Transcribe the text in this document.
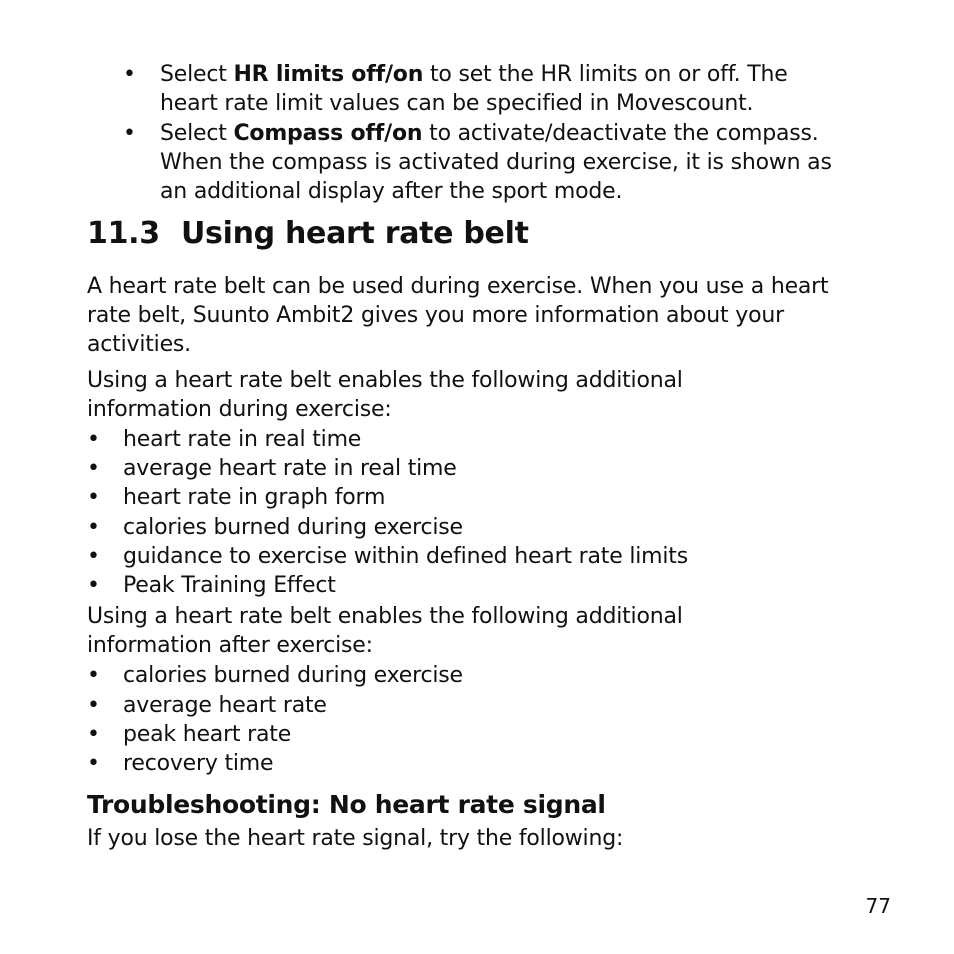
• Select HR limits off/on to set the HR limits on or off. The
heart rate limit values can be specified in Movescount.
• Select Compass off/on to activate/deactivate the compass.
When the compass is activated during exercise, it is shown as
an additional display after the sport mode.
11.3 Using heart rate belt
A heart rate belt can be used during exercise. When you use a heart
rate belt, Suunto Ambit2 gives you more information about your
activities.
Using a heart rate belt enables the following additional
information during exercise:
• heart rate in real time
• average heart rate in real time
• heart rate in graph form
• calories burned during exercise
• guidance to exercise within defined heart rate limits
• Peak Training Effect
Using a heart rate belt enables the following additional
information after exercise:
• calories burned during exercise
• average heart rate
• peak heart rate
• recovery time
Troubleshooting: No heart rate signal
If you lose the heart rate signal, try the following:
77
